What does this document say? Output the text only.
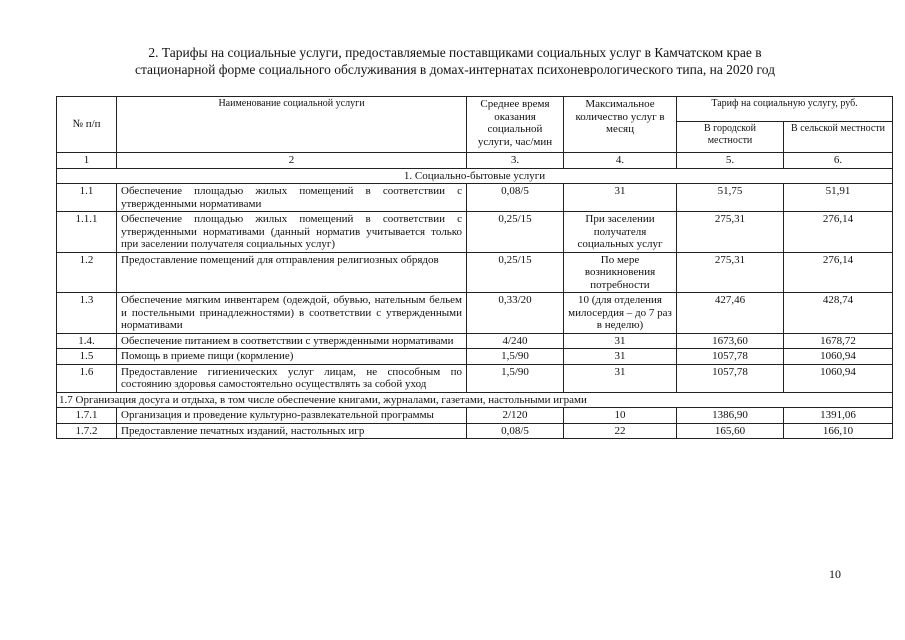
2. Тарифы на социальные услуги, предоставляемые поставщиками социальных услуг в Камчатском крае в
стационарной форме социального обслуживания в домах-интернатах психоневрологического типа, на 2020 год
№ п/п	Наименование социальной услуги	Среднее время оказания социальной услуги, час/мин	Максимальное количество услуг в месяц	Тариф на социальную услугу, руб.	
				В городской местности	В сельской местности
1	2	3.	4.	5.	6.
1. Социально-бытовые услуги					
1.1	Обеспечение площадью жилых помещений в соответствии с утвержденными нормативами	0,08/5	31	51,75	51,91
1.1.1	Обеспечение площадью жилых помещений в соответствии с утвержденными нормативами (данный норматив учитывается только при заселении получателя социальных услуг)	0,25/15	При заселении получателя социальных услуг	275,31	276,14
1.2	Предоставление помещений для отправления религиозных обрядов	0,25/15	По мере возникновения потребности	275,31	276,14
1.3	Обеспечение мягким инвентарем (одеждой, обувью, нательным бельем и постельными принадлежностями) в соответствии с утвержденными нормативами	0,33/20	10 (для отделения милосердия – до 7 раз в неделю)	427,46	428,74
1.4.	Обеспечение питанием в соответствии с утвержденными нормативами	4/240	31	1673,60	1678,72
1.5	Помощь в приеме пищи (кормление)	1,5/90	31	1057,78	1060,94
1.6	Предоставление гигиенических услуг лицам, не способным по состоянию здоровья самостоятельно осуществлять за собой уход	1,5/90	31	1057,78	1060,94
1.7 Организация досуга и отдыха, в том числе обеспечение книгами, журналами, газетами, настольными играми					
1.7.1	Организация и проведение культурно-развлекательной программы	2/120	10	1386,90	1391,06
1.7.2	Предоставление печатных изданий, настольных игр	0,08/5	22	165,60	166,10
10
